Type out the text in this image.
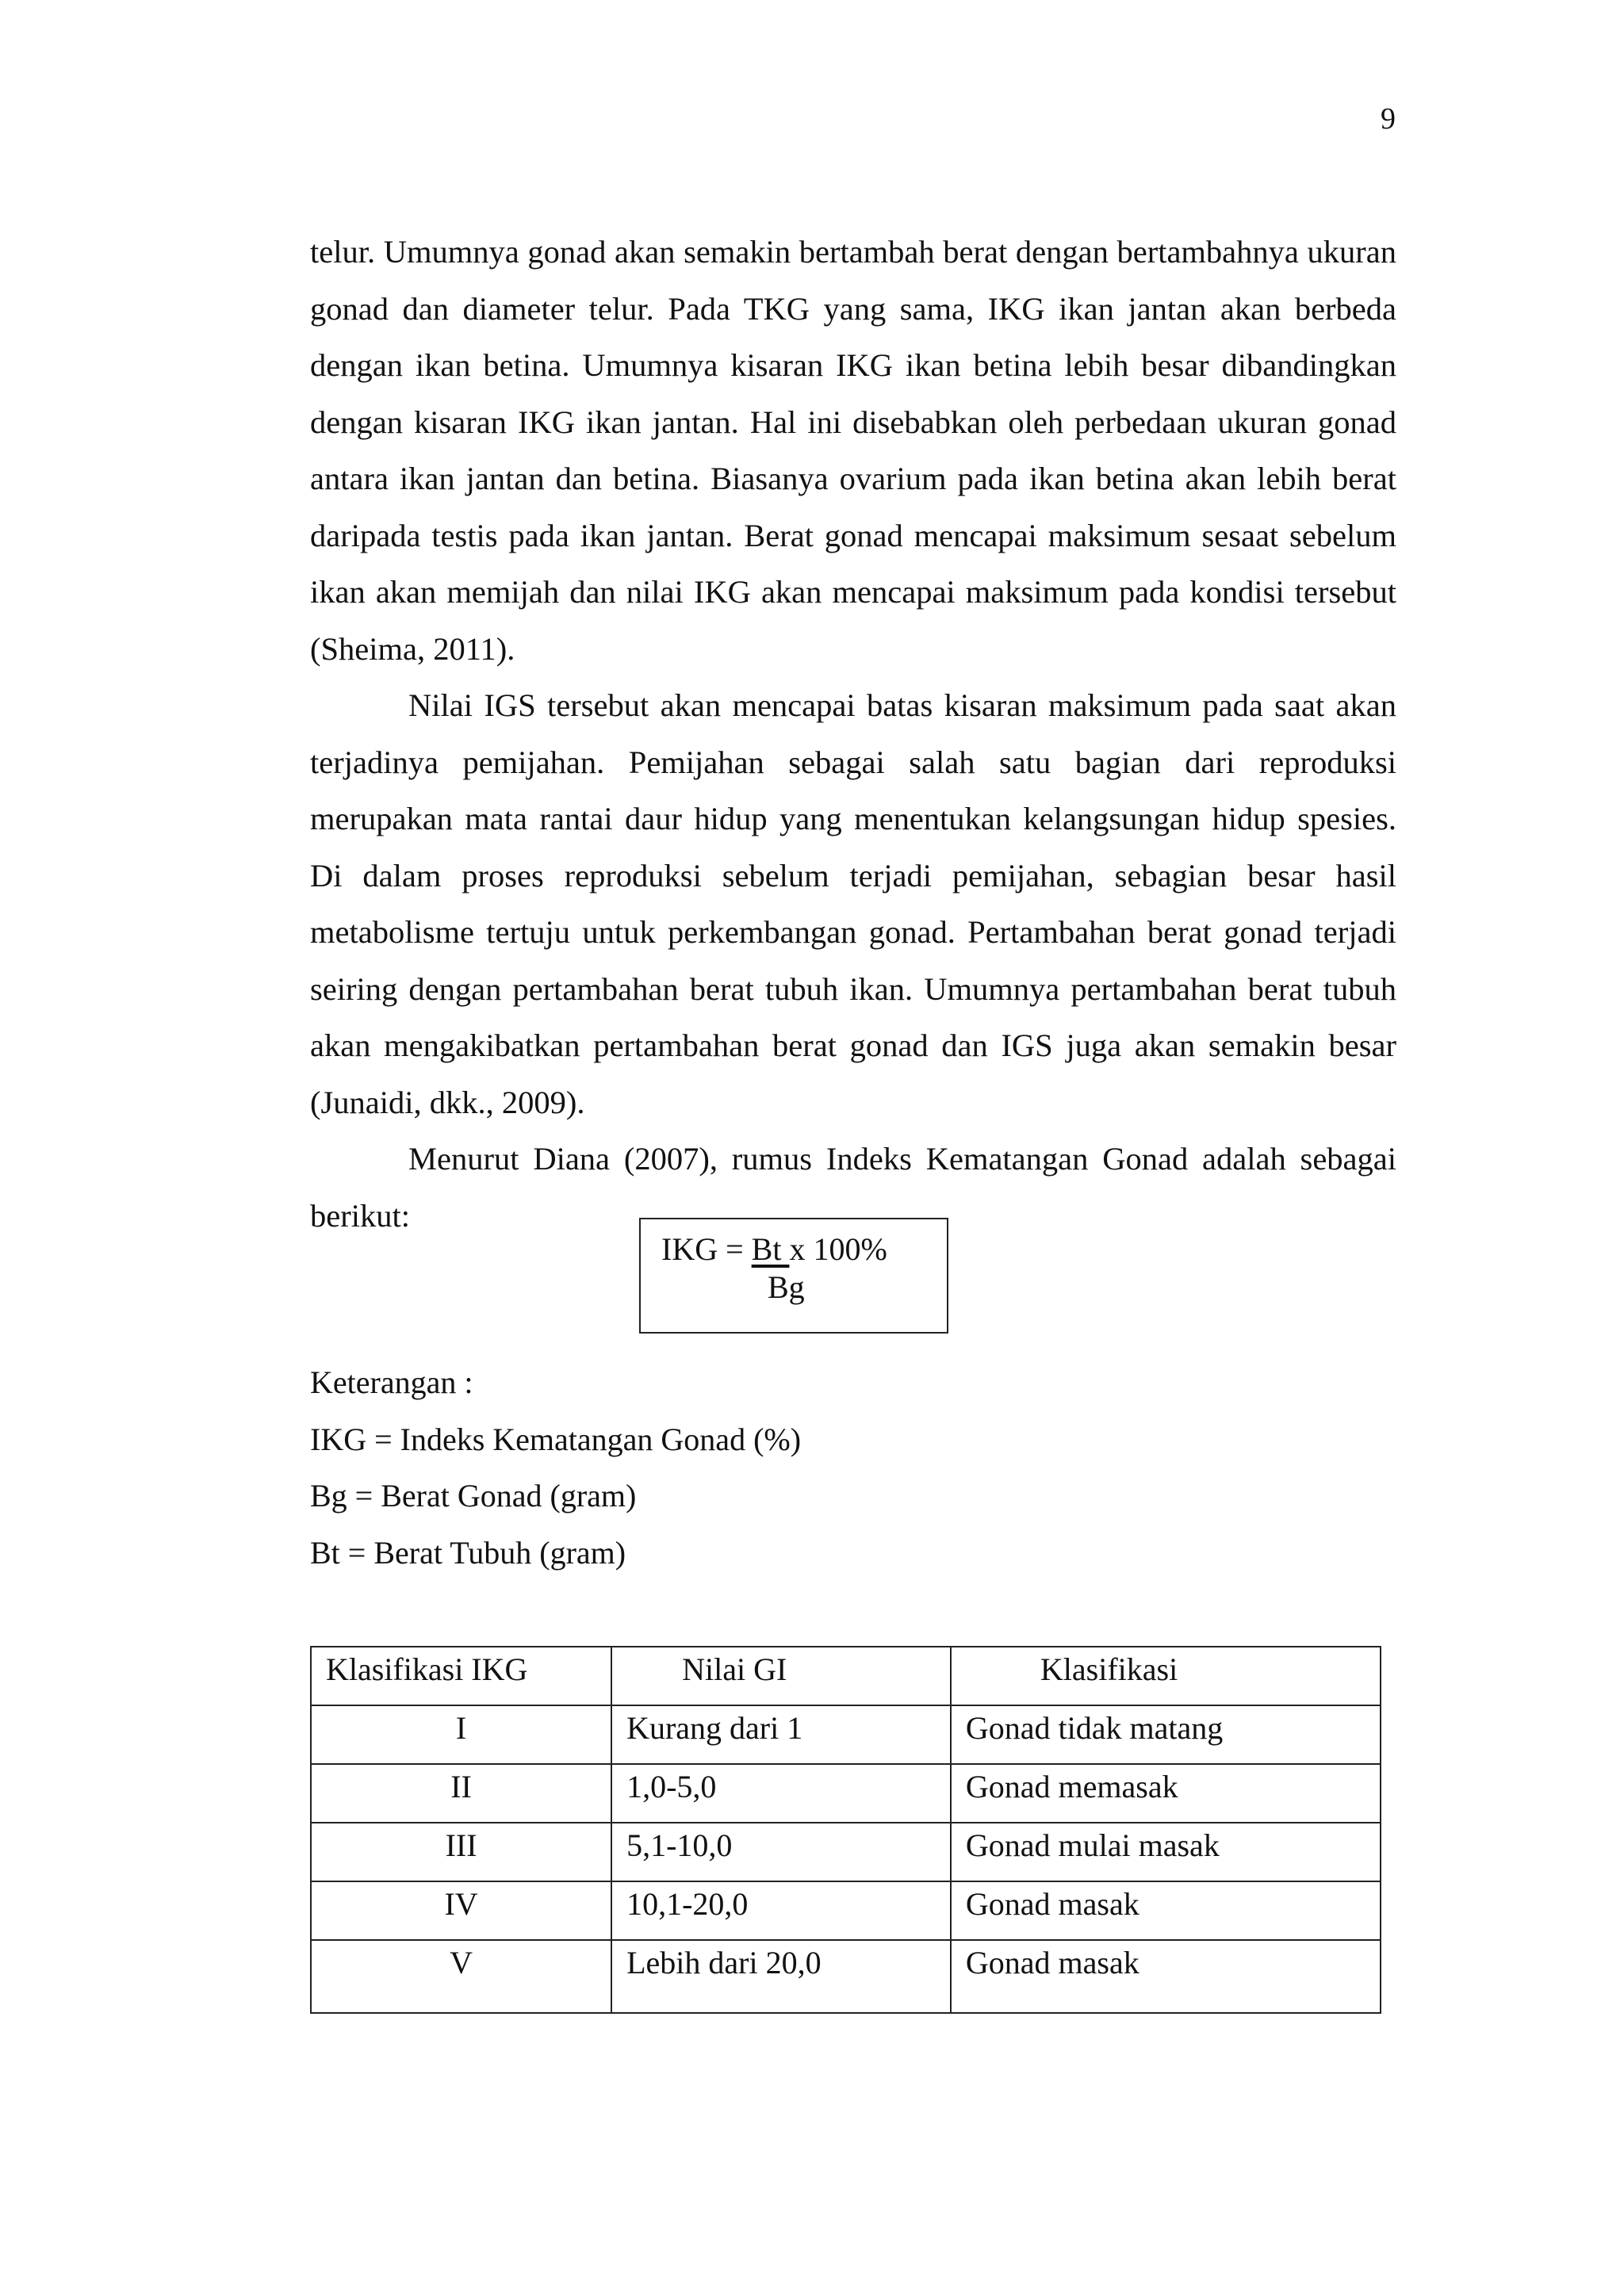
9

telur. Umumnya gonad akan semakin bertambah berat dengan bertambahnya ukuran gonad dan diameter telur. Pada TKG yang sama, IKG ikan jantan akan berbeda dengan ikan betina. Umumnya kisaran IKG ikan betina lebih besar dibandingkan dengan kisaran IKG ikan jantan. Hal ini disebabkan oleh perbedaan ukuran gonad antara ikan jantan dan betina. Biasanya ovarium pada ikan betina akan lebih berat daripada testis pada ikan jantan. Berat gonad mencapai maksimum sesaat sebelum ikan akan memijah dan nilai IKG akan mencapai maksimum pada kondisi tersebut (Sheima, 2011).

Nilai IGS tersebut akan mencapai batas kisaran maksimum pada saat akan terjadinya pemijahan. Pemijahan sebagai salah satu bagian dari reproduksi merupakan mata rantai daur hidup yang menentukan kelangsungan hidup spesies. Di dalam proses reproduksi sebelum terjadi pemijahan, sebagian besar hasil metabolisme tertuju untuk perkembangan gonad. Pertambahan berat gonad terjadi seiring dengan pertambahan berat tubuh ikan. Umumnya pertambahan berat tubuh akan mengakibatkan pertambahan berat gonad dan IGS juga akan semakin besar (Junaidi, dkk., 2009).

Menurut Diana (2007), rumus Indeks Kematangan Gonad adalah sebagai berikut:

IKG = Bt x 100%
Bg
Keterangan :
IKG = Indeks Kematangan Gonad (%)
Bg = Berat Gonad (gram)
Bt = Berat Tubuh (gram)
Klasifikasi IKG	Nilai GI	Klasifikasi
I	Kurang dari 1	Gonad tidak matang
II	1,0-5,0	Gonad memasak
III	5,1-10,0	Gonad mulai masak
IV	10,1-20,0	Gonad masak
V	Lebih dari 20,0	Gonad masak
